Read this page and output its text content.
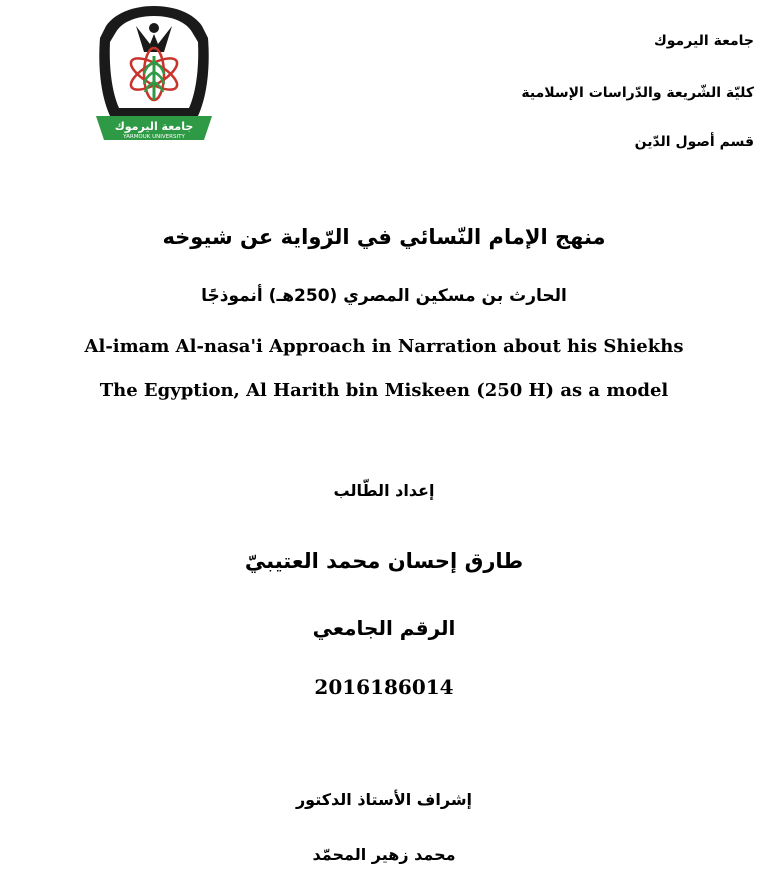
جامعة اليرموك
YARMOUK UNIVERSITY
جامعة اليرموك
كليّة الشّريعة والدّراسات الإسلامية
قسم أصول الدّين
منهج الإمام النّسائي في الرّواية عن شيوخه
الحارث بن مسكين المصري (250هـ) أنموذجًا
Al-imam Al-nasa'i Approach in Narration about his Shiekhs
The Egyption, Al Harith bin Miskeen (250 H) as a model
إعداد الطّالب
طارق إحسان محمد العتيبيّ
الرقم الجامعي
2016186014
إشراف الأستاذ الدكتور
محمد زهير المحمّد
